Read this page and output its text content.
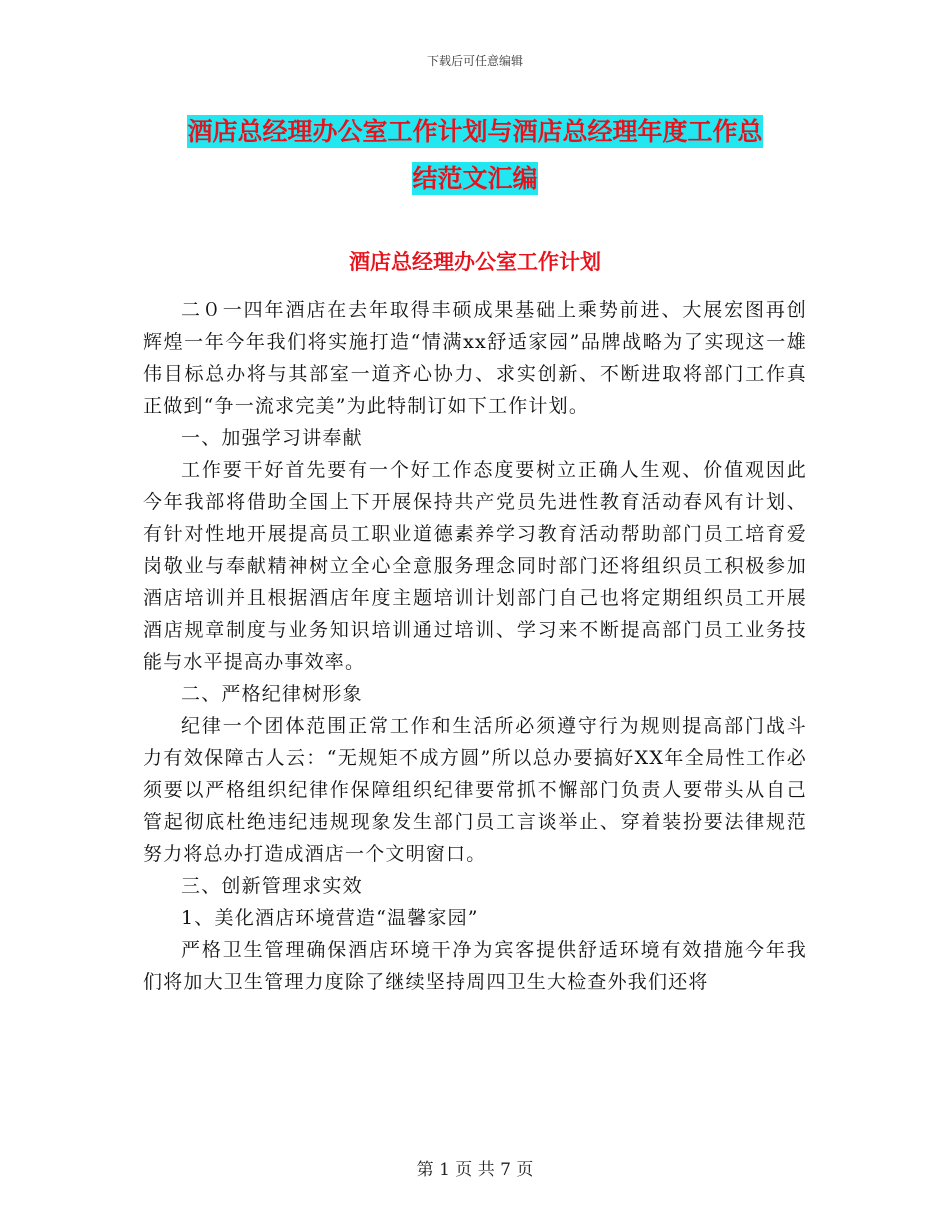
下载后可任意编辑
酒店总经理办公室工作计划与酒店总经理年度工作总
结范文汇编
酒店总经理办公室工作计划

二０一四年酒店在去年取得丰硕成果基础上乘势前进、大展宏图再创辉煌一年今年我们将实施打造“情满xx舒适家园”品牌战略为了实现这一雄伟目标总办将与其部室一道齐心协力、求实创新、不断进取将部门工作真正做到“争一流求完美”为此特制订如下工作计划。

一、加强学习讲奉献

工作要干好首先要有一个好工作态度要树立正确人生观、价值观因此今年我部将借助全国上下开展保持共产党员先进性教育活动春风有计划、有针对性地开展提高员工职业道德素养学习教育活动帮助部门员工培育爱岗敬业与奉献精神树立全心全意服务理念同时部门还将组织员工积极参加酒店培训并且根据酒店年度主题培训计划部门自己也将定期组织员工开展酒店规章制度与业务知识培训通过培训、学习来不断提高部门员工业务技能与水平提高办事效率。

二、严格纪律树形象

纪律一个团体范围正常工作和生活所必须遵守行为规则提高部门战斗力有效保障古人云：“无规矩不成方圆”所以总办要搞好XX年全局性工作必须要以严格组织纪律作保障组织纪律要常抓不懈部门负责人要带头从自己管起彻底杜绝违纪违规现象发生部门员工言谈举止、穿着装扮要法律规范努力将总办打造成酒店一个文明窗口。

三、创新管理求实效

1、美化酒店环境营造“温馨家园”

严格卫生管理确保酒店环境干净为宾客提供舒适环境有效措施今年我们将加大卫生管理力度除了继续坚持周四卫生大检查外我们还将

第 1 页 共 7 页
